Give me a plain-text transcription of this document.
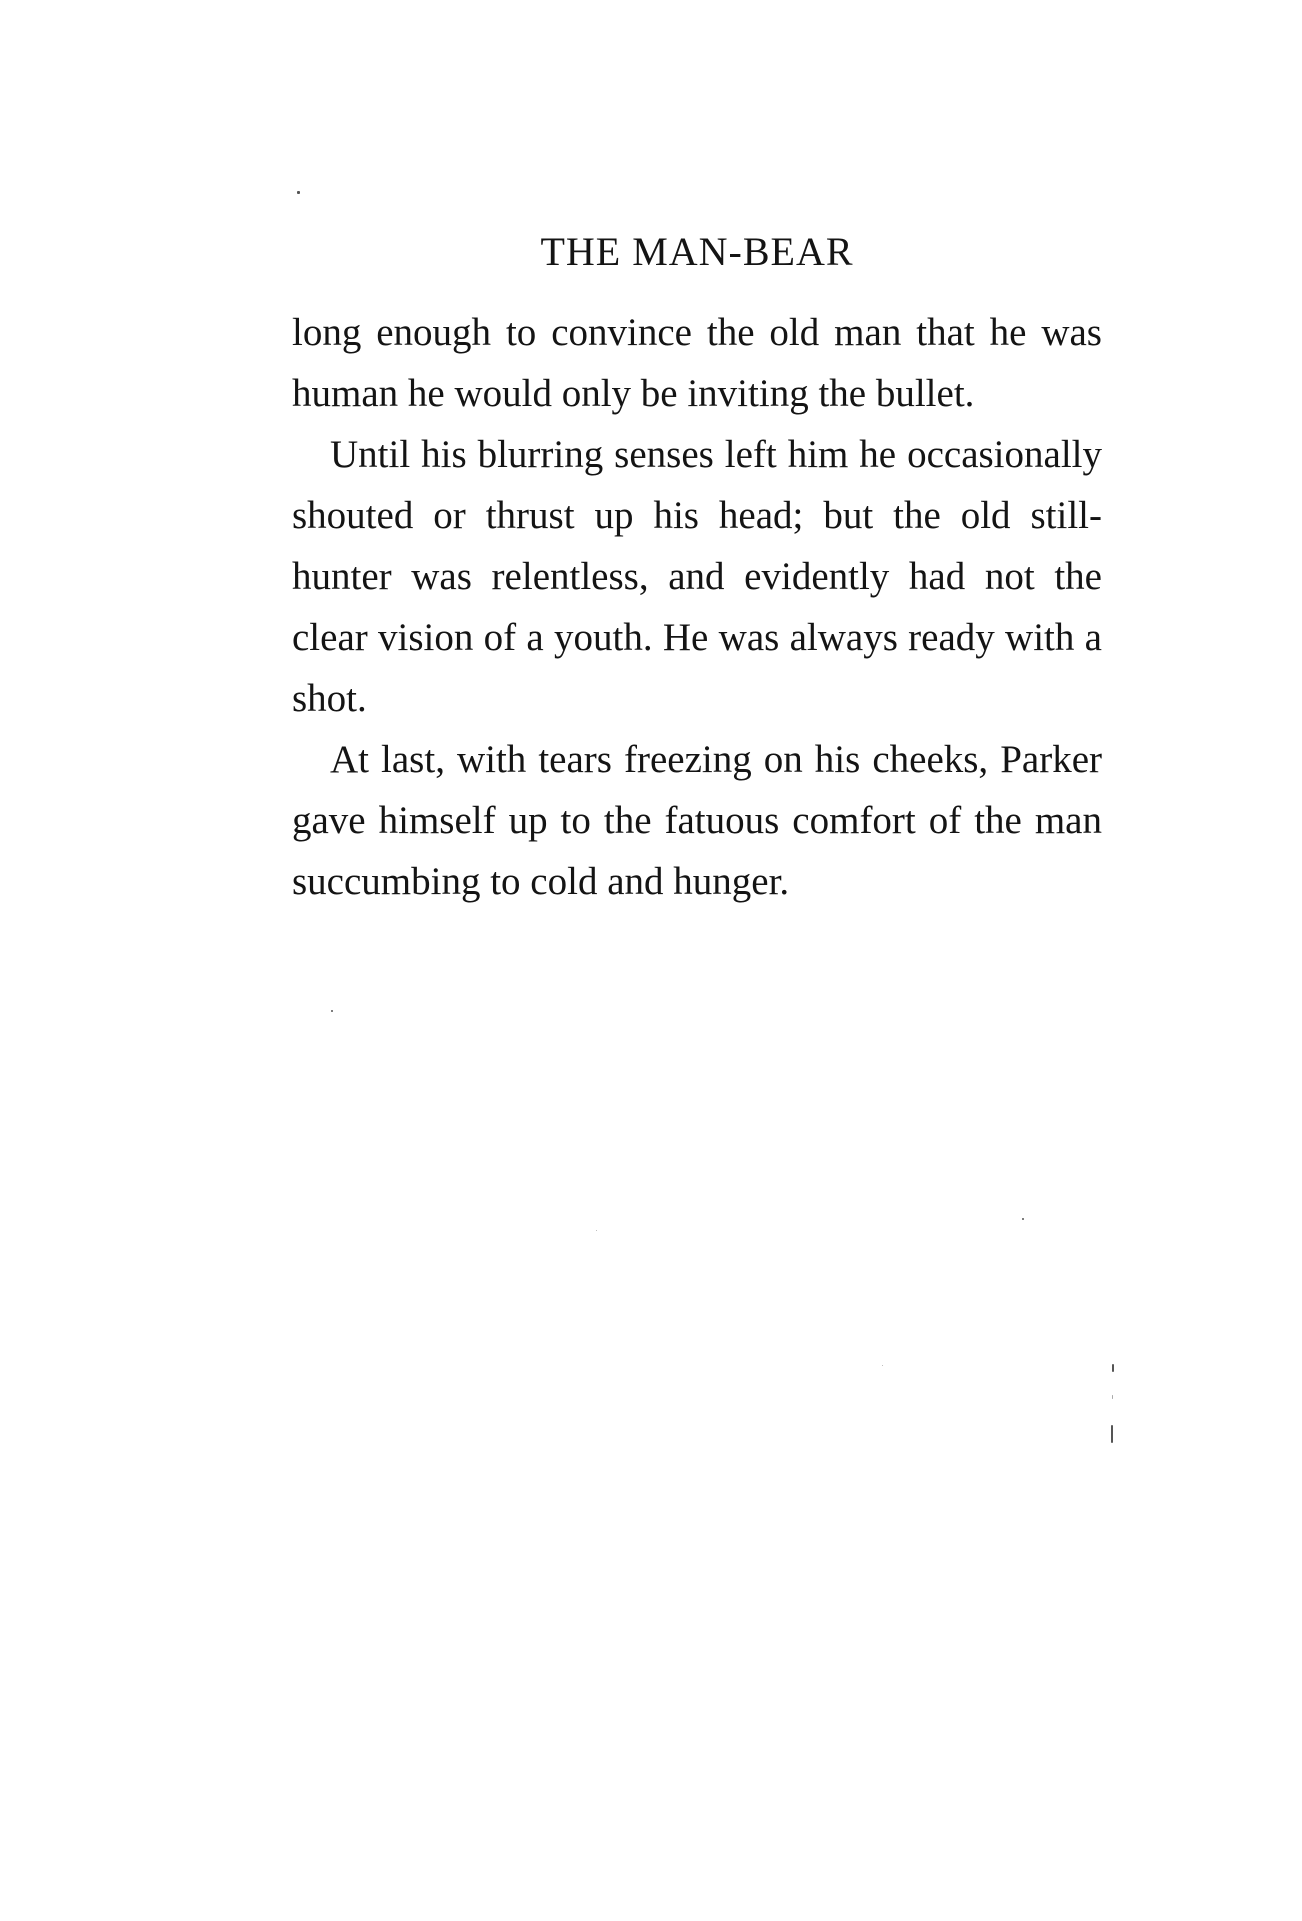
THE MAN-BEAR

long enough to convince the old man that he was human he would only be inviting the bullet.

Until his blurring senses left him he occasionally shouted or thrust up his head; but the old still-hunter was relentless, and evidently had not the clear vision of a youth. He was always ready with a shot.

At last, with tears freezing on his cheeks, Parker gave himself up to the fatuous comfort of the man succumbing to cold and hunger.
